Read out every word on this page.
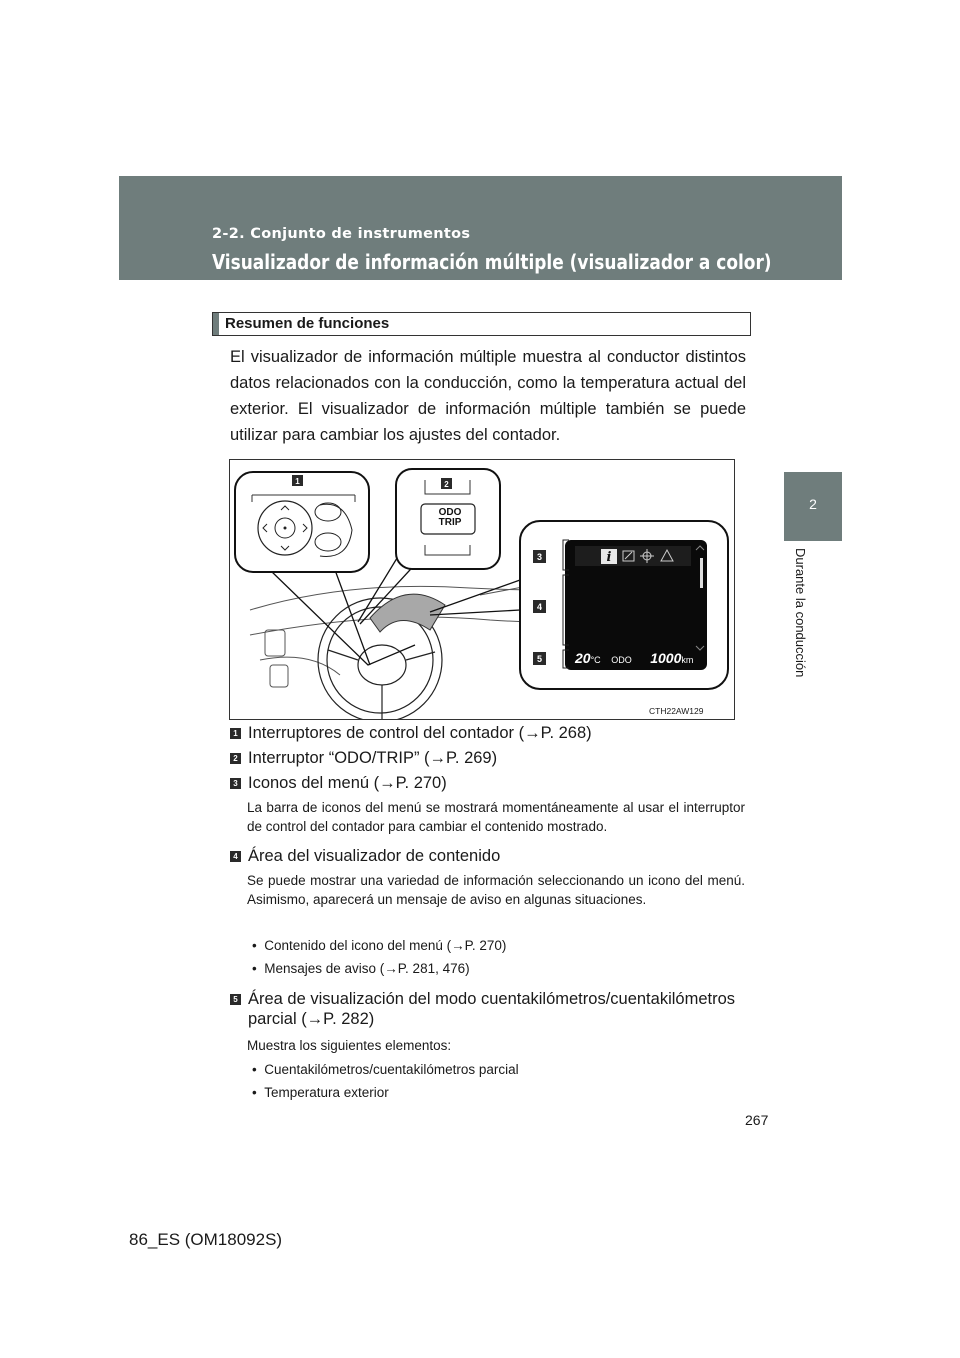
2-2. Conjunto de instrumentos
Visualizador de información múltiple (visualizador a color)
2
Durante la conducción
Resumen de funciones
El visualizador de información múltiple muestra al conductor distintos datos relacionados con la conducción, como la temperatura actual del exterior. El visualizador de información múltiple también se puede utilizar para cambiar los ajustes del contador.
1	2
i
3
4
5
ODO
TRIP
20°C ODO 1000km
CTH22AW129
1 Interruptores de control del contador (→P. 268)
2 Interruptor “ODO/TRIP” (→P. 269)
3 Iconos del menú (→P. 270)
La barra de iconos del menú se mostrará momentáneamente al usar el interruptor de control del contador para cambiar el contenido mostrado.
4 Área del visualizador de contenido
Se puede mostrar una variedad de información seleccionando un icono del menú. Asimismo, aparecerá un mensaje de aviso en algunas situaciones.
•  Contenido del icono del menú (→P. 270)
•  Mensajes de aviso (→P. 281, 476)
5 Área de visualización del modo cuentakilómetros/cuentakilómetros
parcial (→P. 282)
Muestra los siguientes elementos:
•  Cuentakilómetros/cuentakilómetros parcial
•  Temperatura exterior
267
86_ES (OM18092S)
